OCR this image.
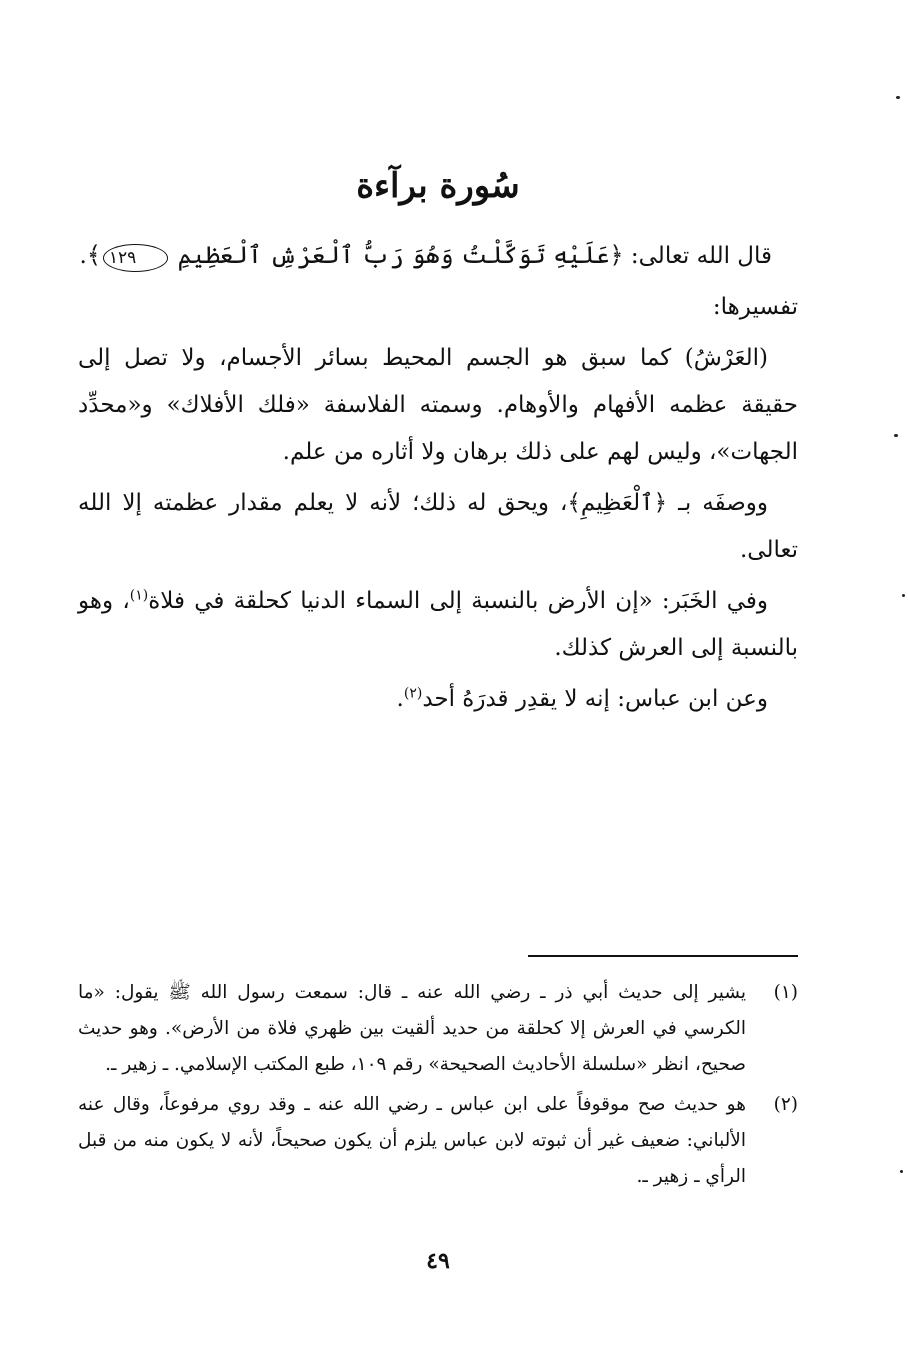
سُورة برآءة

قال الله تعالى: ﴿عَلَيْهِ تَوَكَّلْتُ وَهُوَ رَبُّ ٱلْعَرْشِ ٱلْعَظِيمِ ١٢٩﴾.

تفسيرها:

(العَرْشُ) كما سبق هو الجسم المحيط بسائر الأجسام، ولا تصل إلى حقيقة عظمه الأفهام والأوهام. وسمته الفلاسفة «فلك الأفلاك» و«محدِّد الجهات»، وليس لهم على ذلك برهان ولا أثاره من علم.

ووصفَه بـ ﴿ٱلْعَظِيمِ﴾، ويحق له ذلك؛ لأنه لا يعلم مقدار عظمته إلا الله تعالى.

وفي الخَبَر: «إن الأرض بالنسبة إلى السماء الدنيا كحلقة في فلاة$^{(١)}$، وهو بالنسبة إلى العرش كذلك.

وعن ابن عباس: إنه لا يقدِر قدرَهُ أحد$^{(٢)}$.

(١)
يشير إلى حديث أبي ذر ـ رضي الله عنه ـ قال: سمعت رسول الله ﷺ يقول: «ما الكرسي في العرش إلا كحلقة من حديد ألقيت بين ظهري فلاة من الأرض». وهو حديث صحيح، انظر «سلسلة الأحاديث الصحيحة» رقم ١٠٩، طبع المكتب الإسلامي. ـ زهير ـ.
(٢)
هو حديث صح موقوفاً على ابن عباس ـ رضي الله عنه ـ وقد روي مرفوعاً، وقال عنه الألباني: ضعيف غير أن ثبوته لابن عباس يلزم أن يكون صحيحاً، لأنه لا يكون منه من قبل الرأي ـ زهير ـ.
٤٩
